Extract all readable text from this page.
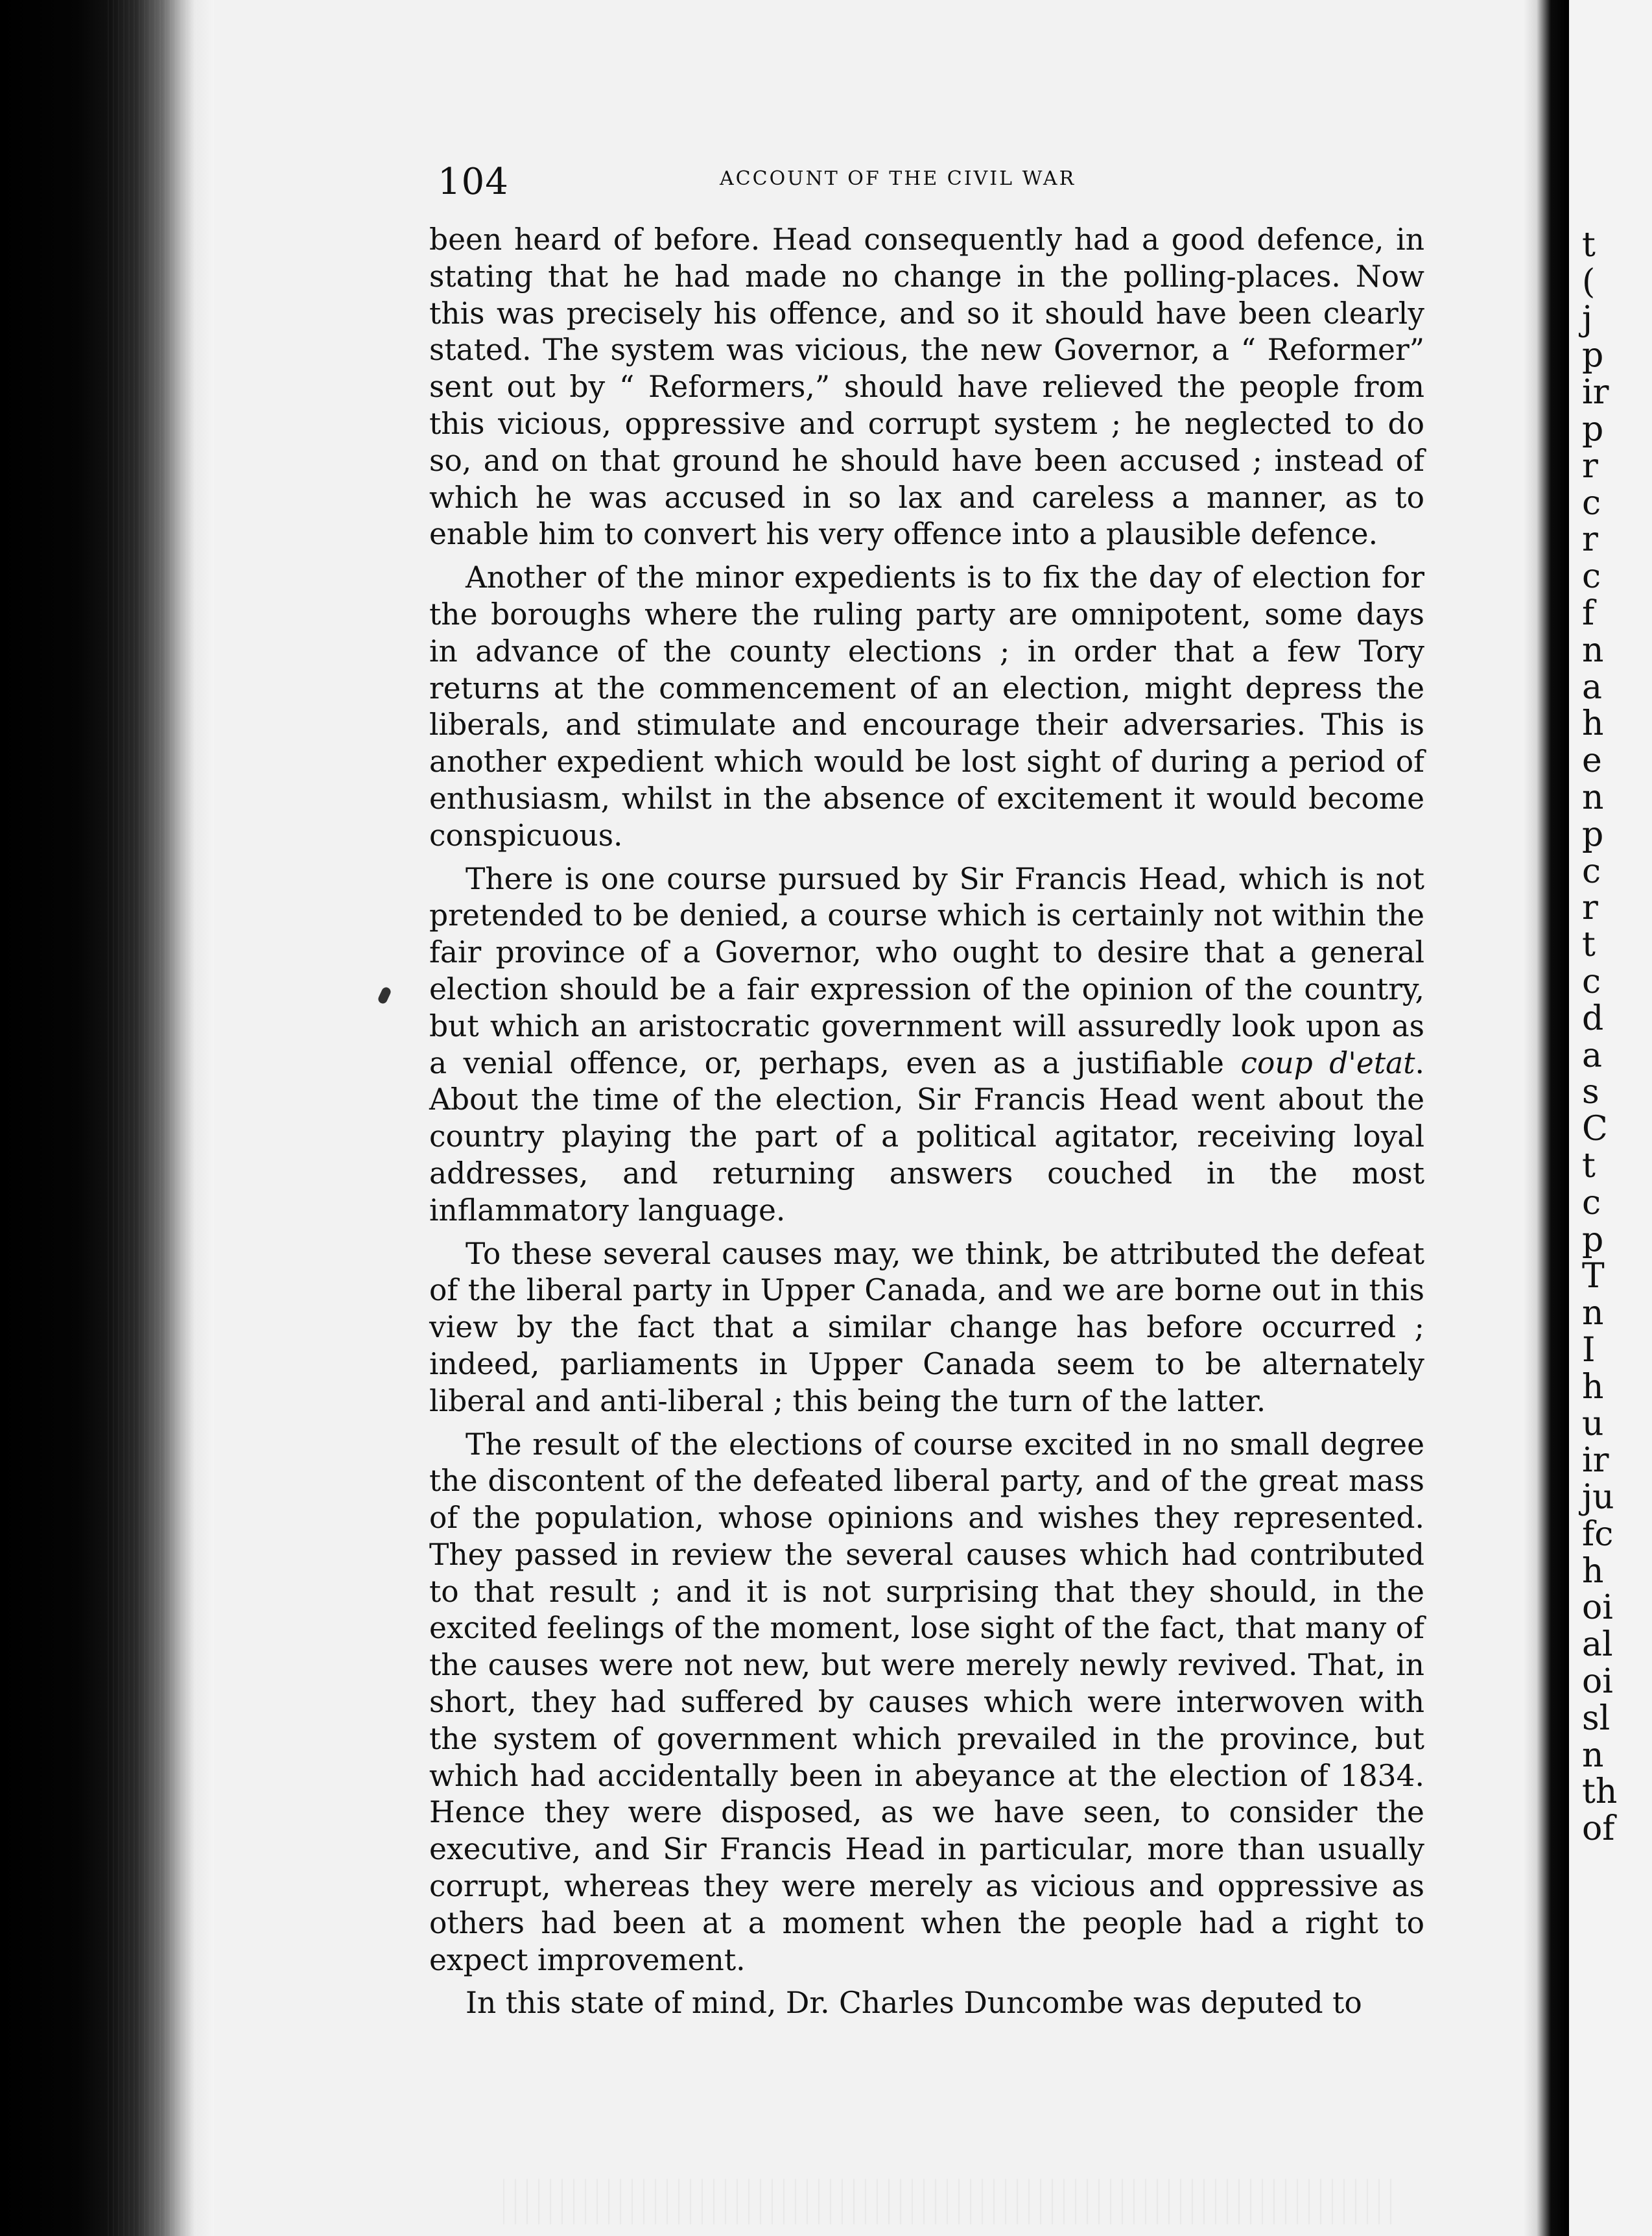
t
(
j
p
ir
p
r
c
r
c
f
n
a
h
e
n
p
c
r
t
c
d
a
s
C
t
c
p
T
n
I
h
u
ir
ju
fc
h
oi
al
oi
sl
n
th
of
104	ACCOUNT OF THE CIVIL WAR

been heard of before. Head consequently had a good defence, in stating that he had made no change in the polling-places. Now this was precisely his offence, and so it should have been clearly stated. The system was vicious, the new Governor, a “ Reformer” sent out by “ Reformers,” should have relieved the people from this vicious, oppressive and corrupt system ; he neglected to do so, and on that ground he should have been accused ; instead of which he was accused in so lax and careless a manner, as to enable him to convert his very offence into a plausible defence.

Another of the minor expedients is to fix the day of election for the boroughs where the ruling party are omnipotent, some days in advance of the county elections ; in order that a few Tory returns at the commencement of an election, might depress the liberals, and stimulate and encourage their adversaries. This is another expedient which would be lost sight of during a period of enthusiasm, whilst in the absence of excitement it would become conspicuous.

There is one course pursued by Sir Francis Head, which is not pretended to be denied, a course which is certainly not within the fair province of a Governor, who ought to desire that a general election should be a fair expression of the opinion of the country, but which an aristocratic government will assuredly look upon as a venial offence, or, perhaps, even as a justifiable coup d'etat. About the time of the election, Sir Francis Head went about the country playing the part of a political agitator, receiving loyal addresses, and returning answers couched in the most inflammatory language.

To these several causes may, we think, be attributed the defeat of the liberal party in Upper Canada, and we are borne out in this view by the fact that a similar change has before occurred ; indeed, parliaments in Upper Canada seem to be alternately liberal and anti-liberal ; this being the turn of the latter.

The result of the elections of course excited in no small degree the discontent of the defeated liberal party, and of the great mass of the population, whose opinions and wishes they represented. They passed in review the several causes which had contributed to that result ; and it is not surprising that they should, in the excited feelings of the moment, lose sight of the fact, that many of the causes were not new, but were merely newly revived. That, in short, they had suffered by causes which were interwoven with the system of government which prevailed in the province, but which had accidentally been in abeyance at the election of 1834. Hence they were disposed, as we have seen, to consider the executive, and Sir Francis Head in particular, more than usually corrupt, whereas they were merely as vicious and oppressive as others had been at a moment when the people had a right to expect improvement.

In this state of mind, Dr. Charles Duncombe was deputed to
